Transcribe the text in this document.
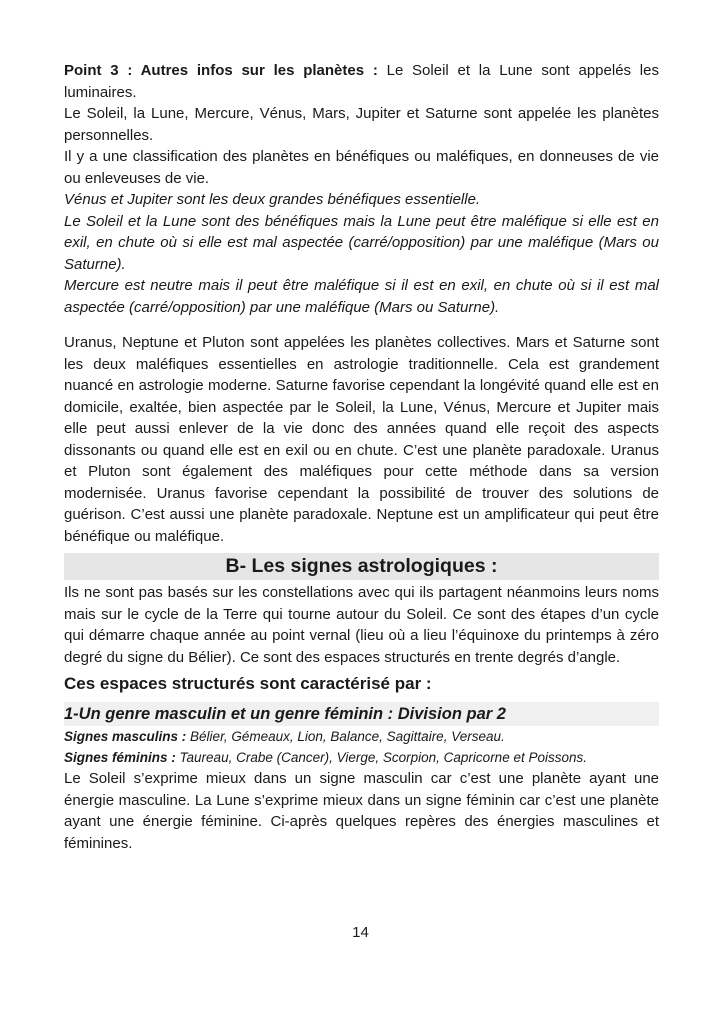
Point 3 : Autres infos sur les planètes : Le Soleil et la Lune sont appelés les luminaires.

Le Soleil, la Lune, Mercure, Vénus, Mars, Jupiter et Saturne sont appelée les planètes personnelles.

Il y a une classification des planètes en bénéfiques ou maléfiques, en donneuses de vie ou enleveuses de vie.

Vénus et Jupiter sont les deux grandes bénéfiques essentielle.

Le Soleil et la Lune sont des bénéfiques mais la Lune peut être maléfique si elle est en exil, en chute où si elle est mal aspectée (carré/opposition) par une maléfique (Mars ou Saturne).

Mercure est neutre mais il peut être maléfique si il est en exil, en chute où si il est mal aspectée (carré/opposition) par une maléfique (Mars ou Saturne).

Uranus, Neptune et Pluton sont appelées les planètes collectives. Mars et Saturne sont les deux maléfiques essentielles en astrologie traditionnelle. Cela est grandement nuancé en astrologie moderne. Saturne favorise cependant la longévité quand elle est en domicile, exaltée, bien aspectée par le Soleil, la Lune, Vénus, Mercure et Jupiter mais elle peut aussi enlever de la vie donc des années quand elle reçoit des aspects dissonants ou quand elle est en exil ou en chute. C’est une planète paradoxale. Uranus et Pluton sont également des maléfiques pour cette méthode dans sa version modernisée. Uranus favorise cependant la possibilité de trouver des solutions de guérison. C’est aussi une planète paradoxale. Neptune est un amplificateur qui peut être bénéfique ou maléfique.

B- Les signes astrologiques :

Ils ne sont pas basés sur les constellations avec qui ils partagent néanmoins leurs noms mais sur le cycle de la Terre qui tourne autour du Soleil. Ce sont des étapes d’un cycle qui démarre chaque année au point vernal (lieu où a lieu l’équinoxe du printemps à zéro degré du signe du Bélier). Ce sont des espaces structurés en trente degrés d’angle.

Ces espaces structurés sont caractérisé par :
1-Un genre masculin et un genre féminin : Division par 2

Signes masculins : Bélier, Gémeaux, Lion, Balance, Sagittaire, Verseau.

Signes féminins : Taureau, Crabe (Cancer), Vierge, Scorpion, Capricorne et Poissons.

Le Soleil s’exprime mieux dans un signe masculin car c’est une planète ayant une énergie masculine. La Lune s’exprime mieux dans un signe féminin car c’est une planète ayant une énergie féminine. Ci-après quelques repères des énergies masculines et féminines.

14
